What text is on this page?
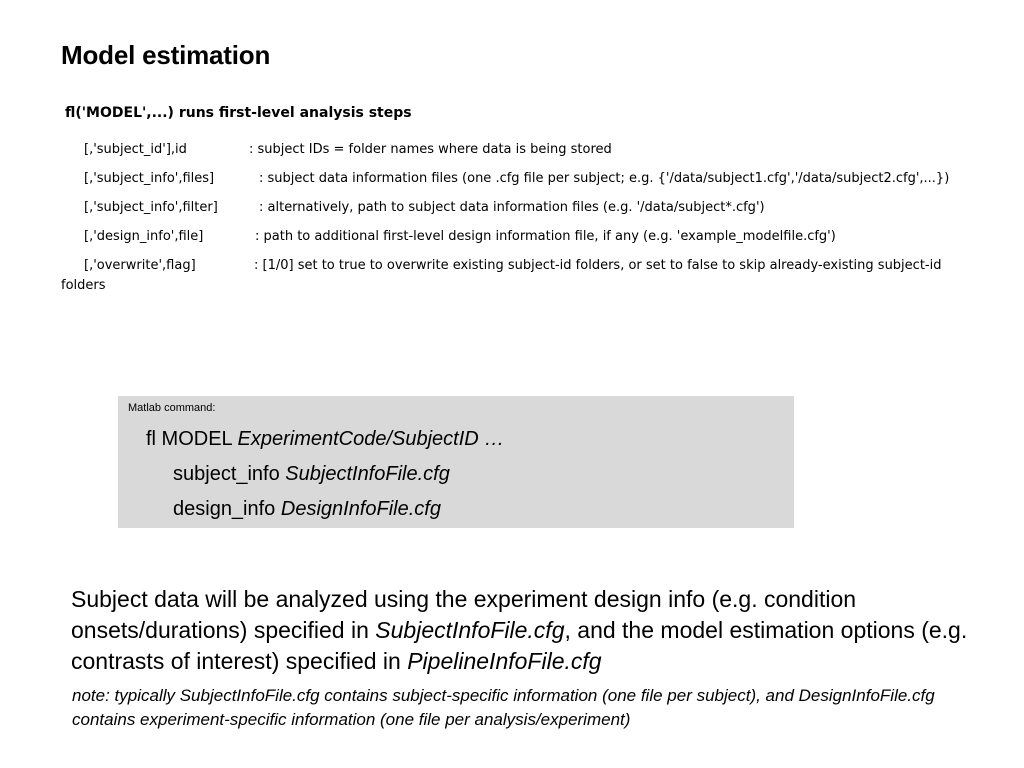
Model estimation
fl('MODEL',...) runs first-level analysis steps
[,'subject_id'],id	: subject IDs = folder names where data is being stored
[,'subject_info',files]	: subject data information files (one .cfg file per subject; e.g. {'/data/subject1.cfg','/data/subject2.cfg',...})
[,'subject_info',filter]	: alternatively, path to subject data information files (e.g. '/data/subject*.cfg')
[,'design_info',file]	: path to additional first-level design information file, if any (e.g. 'example_modelfile.cfg')
[,'overwrite',flag]	: [1/0] set to true to overwrite existing subject-id folders, or set to false to skip already-existing subject-id
folders
Matlab command:
fl MODEL ExperimentCode/SubjectID …
subject_info SubjectInfoFile.cfg
design_info DesignInfoFile.cfg
Subject data will be analyzed using the experiment design info (e.g. condition onsets/durations) specified in SubjectInfoFile.cfg, and the model estimation options (e.g. contrasts of interest) specified in PipelineInfoFile.cfg
note: typically SubjectInfoFile.cfg contains subject-specific information (one file per subject), and DesignInfoFile.cfg contains experiment-specific information (one file per analysis/experiment)
